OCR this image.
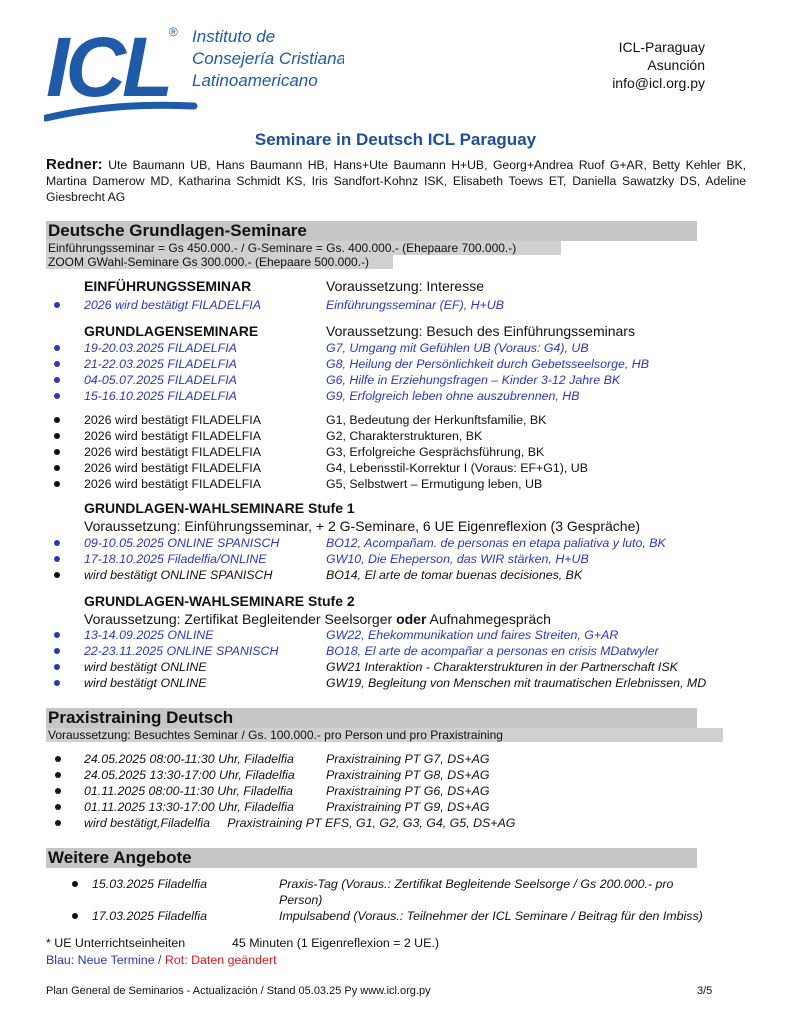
ICL ® Instituto de
Consejería Cristiana
Latinoamericano
ICL-Paraguay
Asunción
info@icl.org.py
Seminare in Deutsch ICL Paraguay
Redner: Ute Baumann UB, Hans Baumann HB, Hans+Ute Baumann H+UB, Georg+Andrea Ruof G+AR, Betty Kehler BK, Martina Damerow MD, Katharina Schmidt KS, Iris Sandfort-Kohnz ISK, Elisabeth Toews ET, Daniella Sawatzky DS, Adeline Giesbrecht AG
Deutsche Grundlagen-Seminare
Einführungsseminar = Gs 450.000.- / G-Seminare = Gs. 400.000.- (Ehepaare 700.000.-)
ZOOM GWahl-Seminare Gs 300.000.- (Ehepaare 500.000.-)
EINFÜHRUNGSSEMINAR	Voraussetzung: Interesse
2026 wird bestätigt FILADELFIA	Einführungsseminar (EF), H+UB
GRUNDLAGENSEMINARE	Voraussetzung: Besuch des Einführungsseminars
19-20.03.2025 FILADELFIA	G7, Umgang mit Gefühlen UB (Voraus: G4), UB
21-22.03.2025 FILADELFIA	G8, Heilung der Persönlichkeit durch Gebetsseelsorge, HB
04-05.07.2025 FILADELFIA	G6, Hilfe in Erziehungsfragen – Kinder 3-12 Jahre BK
15-16.10.2025 FILADELFIA	G9, Erfolgreich leben ohne auszubrennen, HB
2026 wird bestätigt FILADELFIA	G1, Bedeutung der Herkunftsfamilie, BK
2026 wird bestätigt FILADELFIA	G2, Charakterstrukturen, BK
2026 wird bestätigt FILADELFIA	G3, Erfolgreiche Gesprächsführung, BK
2026 wird bestätigt FILADELFIA	G4, Lebensstil-Korrektur I (Voraus: EF+G1), UB
2026 wird bestätigt FILADELFIA	G5, Selbstwert – Ermutigung leben, UB
GRUNDLAGEN-WAHLSEMINARE Stufe 1
Voraussetzung: Einführungsseminar, + 2 G-Seminare, 6 UE Eigenreflexion (3 Gespräche)
09-10.05.2025 ONLINE SPANISCH	BO12, Acompañam. de personas en etapa paliativa y luto, BK
17-18.10.2025 Filadelfia/ONLINE	GW10, Die Eheperson, das WIR stärken, H+UB
wird bestätigt ONLINE SPANISCH	BO14, El arte de tomar buenas decisiones, BK
GRUNDLAGEN-WAHLSEMINARE Stufe 2
Voraussetzung: Zertifikat Begleitender Seelsorger oder Aufnahmegespräch
13-14.09.2025 ONLINE	GW22, Ehekommunikation und faires Streiten, G+AR
22-23.11.2025 ONLINE SPANISCH	BO18, El arte de acompañar a personas en crisis MDatwyler
wird bestätigt ONLINE	GW21 Interaktion - Charakterstrukturen in der Partnerschaft ISK
wird bestätigt ONLINE	GW19, Begleitung von Menschen mit traumatischen Erlebnissen, MD
Praxistraining Deutsch
Voraussetzung: Besuchtes Seminar / Gs. 100.000.- pro Person und pro Praxistraining
24.05.2025 08:00-11:30 Uhr, Filadelfia	Praxistraining PT G7, DS+AG
24.05.2025 13:30-17:00 Uhr, Filadelfia	Praxistraining PT G8, DS+AG
01.11.2025 08:00-11:30 Uhr, Filadelfia	Praxistraining PT G6, DS+AG
01.11.2025 13:30-17:00 Uhr, Filadelfia	Praxistraining PT G9, DS+AG
wird bestätigt,Filadelfia     Praxistraining PT EFS, G1, G2, G3, G4, G5, DS+AG
Weitere Angebote
15.03.2025 Filadelfia	Praxis-Tag (Voraus.: Zertifikat Begleitende Seelsorge / Gs 200.000.- pro Person)
17.03.2025 Filadelfia	Impulsabend (Voraus.: Teilnehmer der ICL Seminare / Beitrag für den Imbiss)
* UE Unterrichtseinheiten	45 Minuten (1 Eigenreflexion = 2 UE.)
Blau: Neue Termine / Rot: Daten geändert
Plan General de Seminarios - Actualización / Stand 05.03.25 Py www.icl.org.py	3/5
